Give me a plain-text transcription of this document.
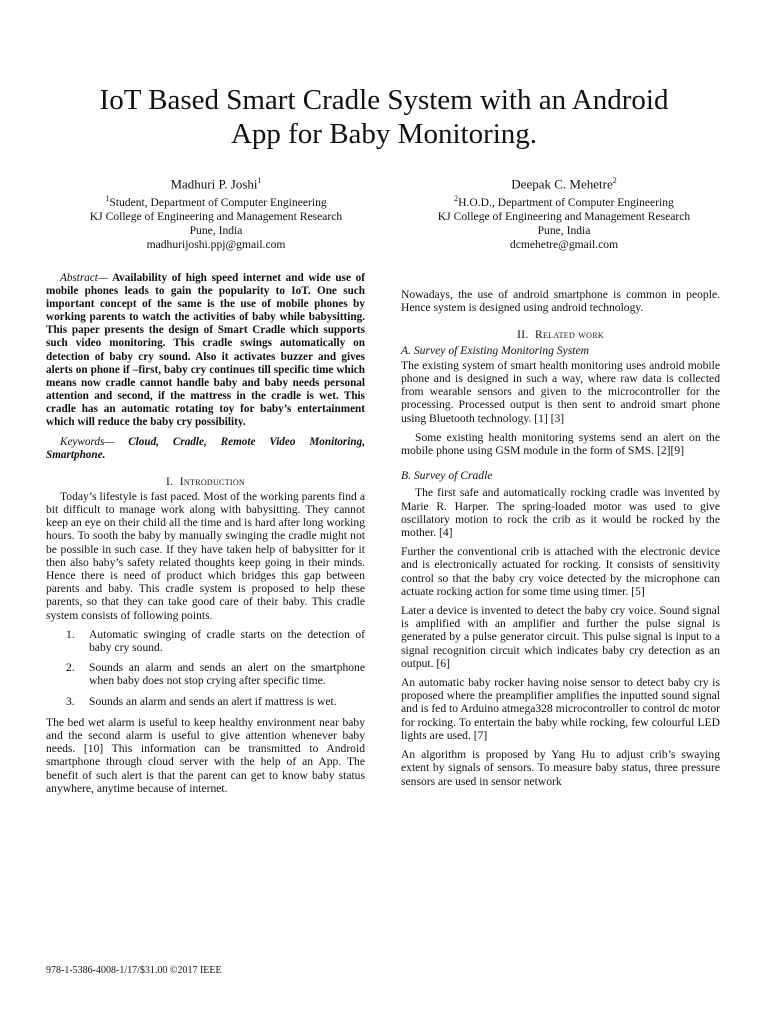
IoT Based Smart Cradle System with an Android
App for Baby Monitoring.
Madhuri P. Joshi$^1$
$^1$Student, Department of Computer Engineering
KJ College of Engineering and Management Research
Pune, India
madhurijoshi.ppj@gmail.com
Deepak C. Mehetre$^2$
$^2$H.O.D., Department of Computer Engineering
KJ College of Engineering and Management Research
Pune, India
dcmehetre@gmail.com

Abstract— Availability of high speed internet and wide use of mobile phones leads to gain the popularity to IoT. One such important concept of the same is the use of mobile phones by working parents to watch the activities of baby while babysitting. This paper presents the design of Smart Cradle which supports such video monitoring. This cradle swings automatically on detection of baby cry sound. Also it activates buzzer and gives alerts on phone if –first, baby cry continues till specific time which means now cradle cannot handle baby and baby needs personal attention and second, if the mattress in the cradle is wet. This cradle has an automatic rotating toy for baby’s entertainment which will reduce the baby cry possibility.

Keywords— Cloud, Cradle, Remote Video Monitoring, Smartphone.

I. Introduction

Today’s lifestyle is fast paced. Most of the working parents find a bit difficult to manage work along with babysitting. They cannot keep an eye on their child all the time and is hard after long working hours. To sooth the baby by manually swinging the cradle might not be possible in such case. If they have taken help of babysitter for it then also baby’s safety related thoughts keep going in their minds. Hence there is need of product which bridges this gap between parents and baby. This cradle system is proposed to help these parents, so that they can take good care of their baby. This cradle system consists of following points.

1. Automatic swinging of cradle starts on the detection of baby cry sound.
2. Sounds an alarm and sends an alert on the smartphone when baby does not stop crying after specific time.
3. Sounds an alarm and sends an alert if mattress is wet.

The bed wet alarm is useful to keep healthy environment near baby and the second alarm is useful to give attention whenever baby needs. [10] This information can be transmitted to Android smartphone through cloud server with the help of an App. The benefit of such alert is that the parent can get to know baby status anywhere, anytime because of internet.

Nowadays, the use of android smartphone is common in people. Hence system is designed using android technology.

II. Related work
A. Survey of Existing Monitoring System

The existing system of smart health monitoring uses android mobile phone and is designed in such a way, where raw data is collected from wearable sensors and given to the microcontroller for the processing. Processed output is then sent to android smart phone using Bluetooth technology. [1] [3]

Some existing health monitoring systems send an alert on the mobile phone using GSM module in the form of SMS. [2][9]

B. Survey of Cradle

The first safe and automatically rocking cradle was invented by Marie R. Harper. The spring-loaded motor was used to give oscillatory motion to rock the crib as it would be rocked by the mother. [4]

Further the conventional crib is attached with the electronic device and is electronically actuated for rocking. It consists of sensitivity control so that the baby cry voice detected by the microphone can actuate rocking action for some time using timer. [5]

Later a device is invented to detect the baby cry voice. Sound signal is amplified with an amplifier and further the pulse signal is generated by a pulse generator circuit. This pulse signal is input to a signal recognition circuit which indicates baby cry detection as an output. [6]

An automatic baby rocker having noise sensor to detect baby cry is proposed where the preamplifier amplifies the inputted sound signal and is fed to Arduino atmega328 microcontroller to control dc motor for rocking. To entertain the baby while rocking, few colourful LED lights are used. [7]

An algorithm is proposed by Yang Hu to adjust crib’s swaying extent by signals of sensors. To measure baby status, three pressure sensors are used in sensor network

978-1-5386-4008-1/17/$31.00 ©2017 IEEE
